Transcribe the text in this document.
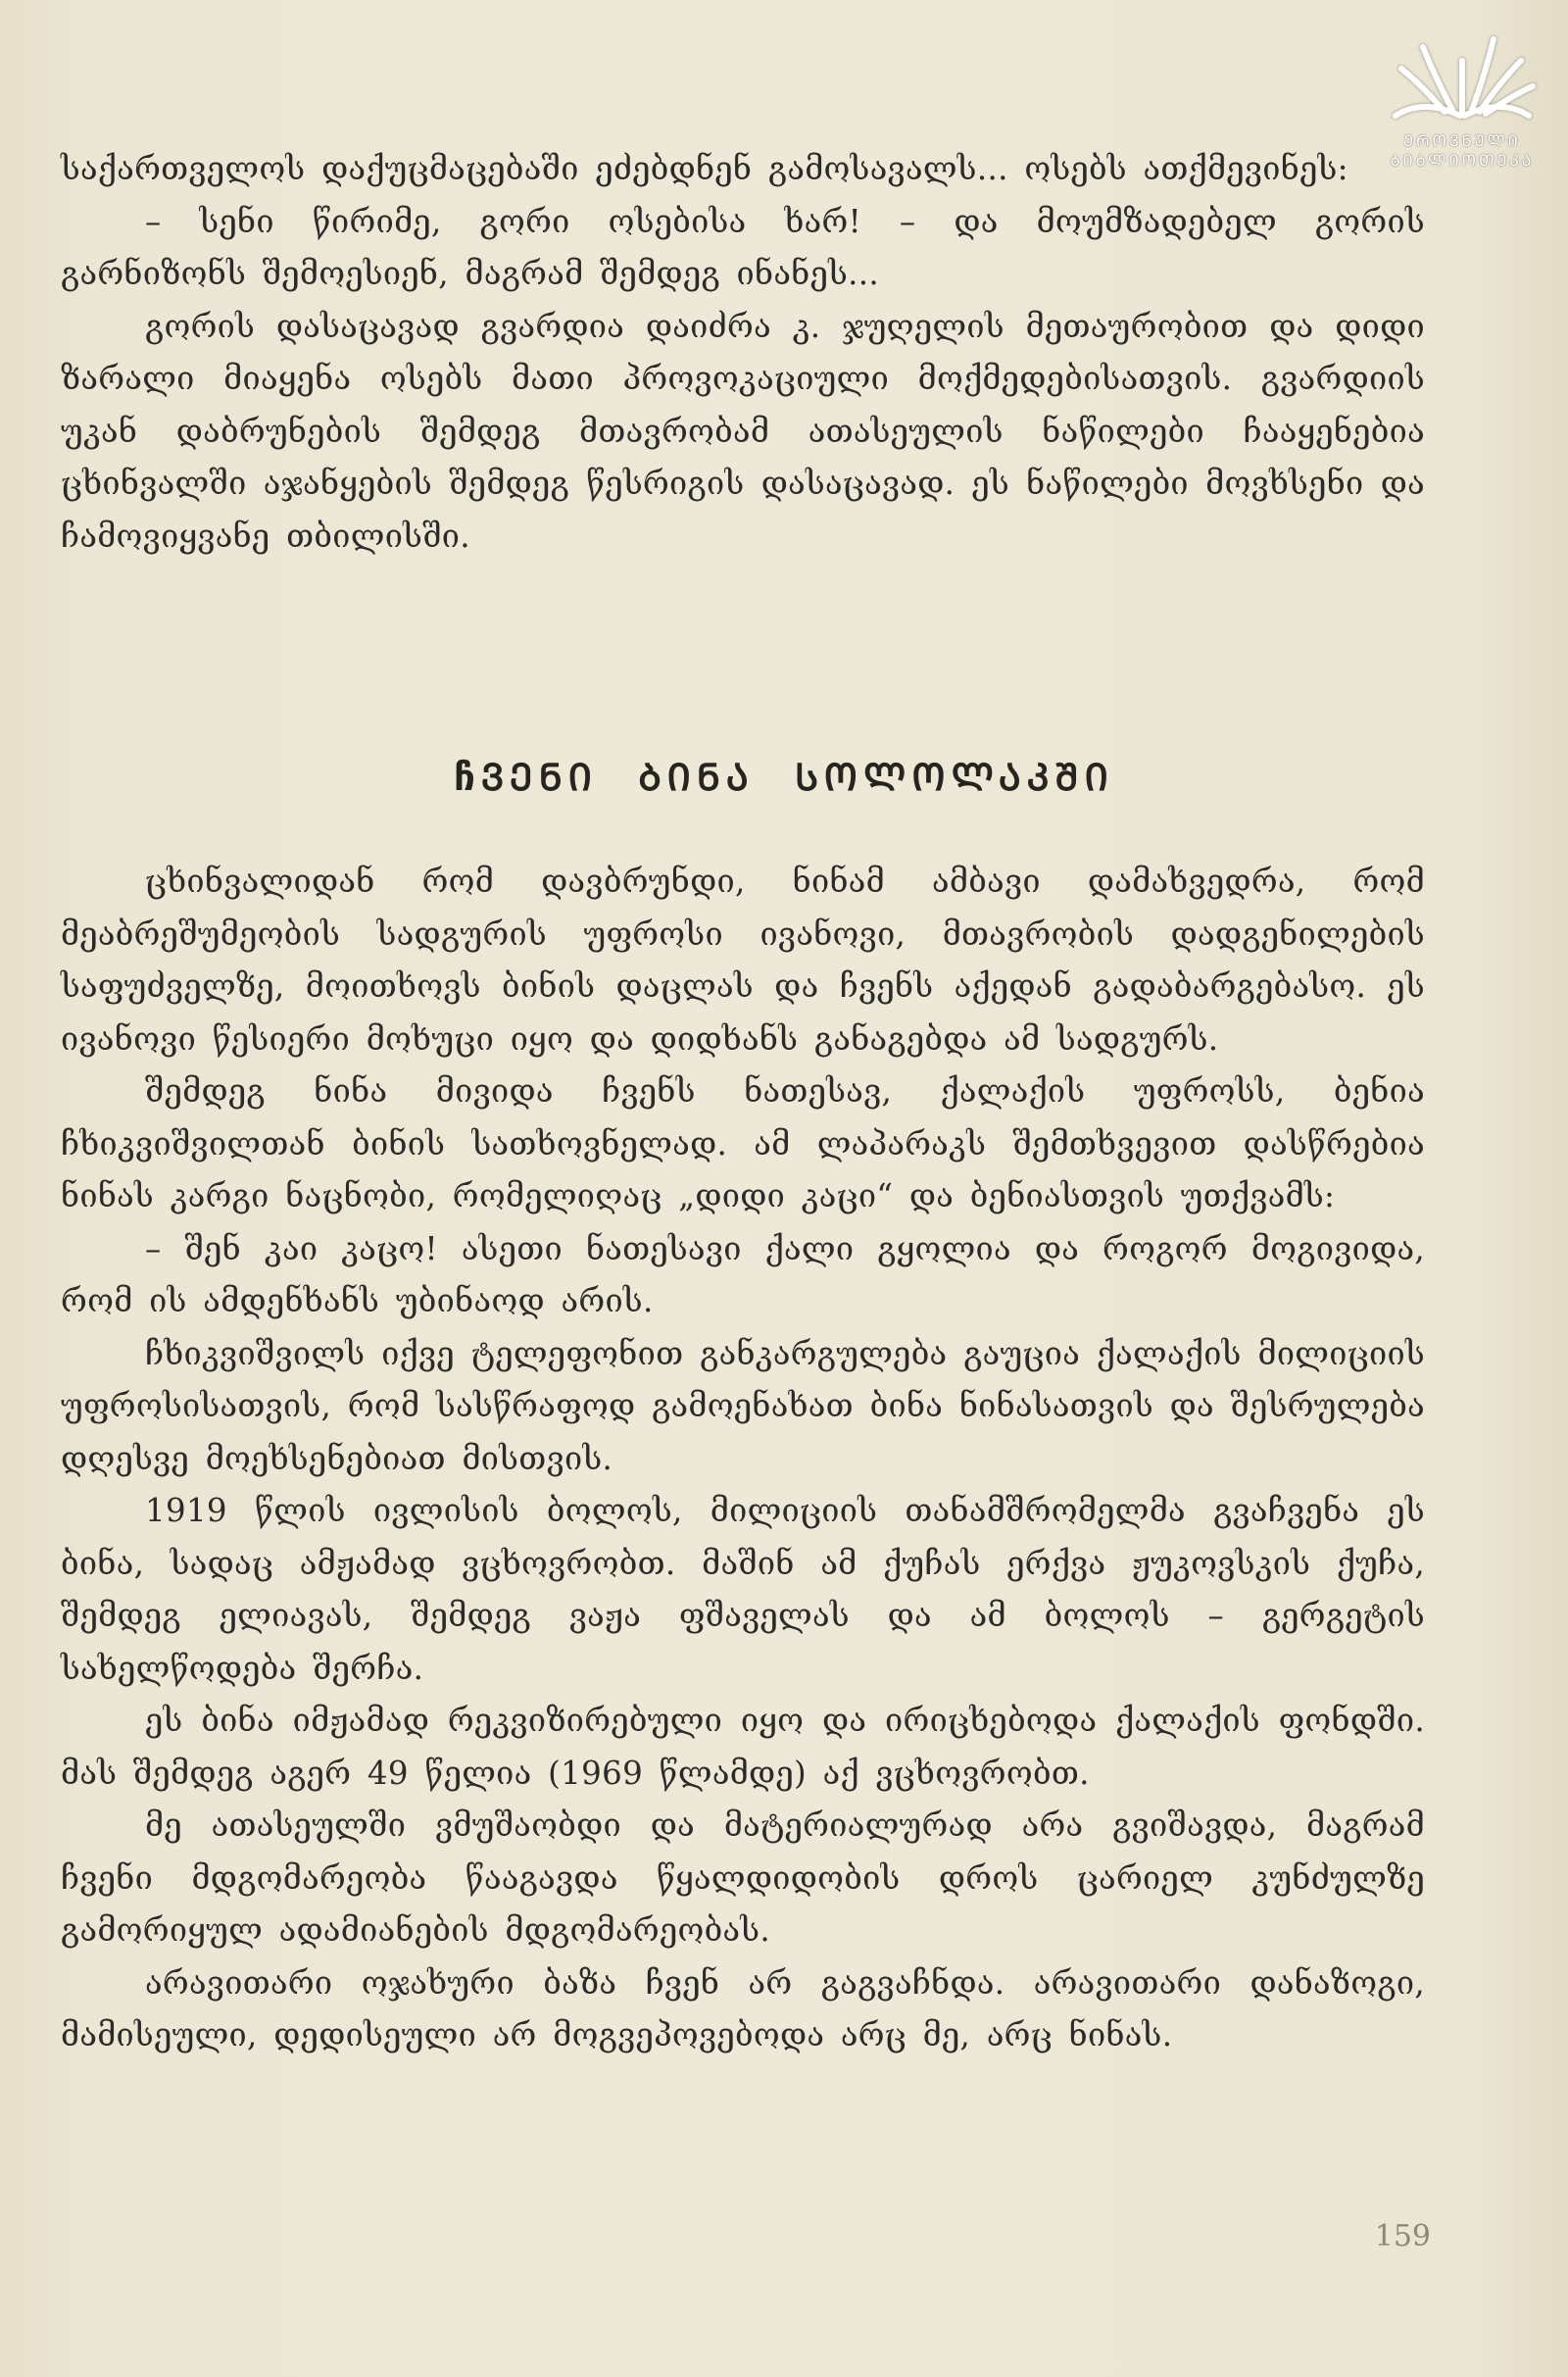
ᲔᲠᲝᲕᲜᲣᲚᲘ ᲑᲘᲑᲚᲘᲝᲗᲔᲙᲐ

საქართველოს დაქუცმაცებაში ეძებდნენ გამოსავალს... ოსებს ათქმევინეს:

– სენი წირიმე, გორი ოსებისა ხარ! – და მოუმზადებელ გორის გარნიზონს შემოესიენ, მაგრამ შემდეგ ინანეს...

გორის დასაცავად გვარდია დაიძრა კ. ჯუღელის მეთაურობით და დიდი ზარალი მიაყენა ოსებს მათი პროვოკაციული მოქმედებისათვის. გვარდიის უკან დაბრუნების შემდეგ მთავრობამ ათასეულის ნაწილები ჩააყენებია ცხინვალში აჯანყების შემდეგ წესრიგის დასაცავად. ეს ნაწილები მოვხსენი და ჩამოვიყვანე თბილისში.

ჩᲕᲔᲜᲘ ᲑᲘᲜᲐ ᲡᲝᲚᲝᲚᲐᲙᲨᲘ

ცხინვალიდან რომ დავბრუნდი, ნინამ ამბავი დამახვედრა, რომ მეაბრეშუმეობის სადგურის უფროსი ივანოვი, მთავრობის დადგენილების საფუძველზე, მოითხოვს ბინის დაცლას და ჩვენს აქედან გადაბარგებასო. ეს ივანოვი წესიერი მოხუცი იყო და დიდხანს განაგებდა ამ სადგურს.

შემდეგ ნინა მივიდა ჩვენს ნათესავ, ქალაქის უფროსს, ბენია ჩხიკვიშვილთან ბინის სათხოვნელად. ამ ლაპარაკს შემთხვევით დასწრებია ნინას კარგი ნაცნობი, რომელიღაც „დიდი კაცი“ და ბენიასთვის უთქვამს:

– შენ კაი კაცო! ასეთი ნათესავი ქალი გყოლია და როგორ მოგივიდა, რომ ის ამდენხანს უბინაოდ არის.

ჩხიკვიშვილს იქვე ტელეფონით განკარგულება გაუცია ქალაქის მილიციის უფროსისათვის, რომ სასწრაფოდ გამოენახათ ბინა ნინასათვის და შესრულება დღესვე მოეხსენებიათ მისთვის.

1919 წლის ივლისის ბოლოს, მილიციის თანამშრომელმა გვაჩვენა ეს ბინა, სადაც ამჟამად ვცხოვრობთ. მაშინ ამ ქუჩას ერქვა ჟუკოვსკის ქუჩა, შემდეგ ელიავას, შემდეგ ვაჟა ფშაველას და ამ ბოლოს – გერგეტის სახელწოდება შერჩა.

ეს ბინა იმჟამად რეკვიზირებული იყო და ირიცხებოდა ქალაქის ფონდში. მას შემდეგ აგერ 49 წელია (1969 წლამდე) აქ ვცხოვრობთ.

მე ათასეულში ვმუშაობდი და მატერიალურად არა გვიშავდა, მაგრამ ჩვენი მდგომარეობა წააგავდა წყალდიდობის დროს ცარიელ კუნძულზე გამორიყულ ადამიანების მდგომარეობას.

არავითარი ოჯახური ბაზა ჩვენ არ გაგვაჩნდა. არავითარი დანაზოგი, მამისეული, დედისეული არ მოგვეპოვებოდა არც მე, არც ნინას.

159
